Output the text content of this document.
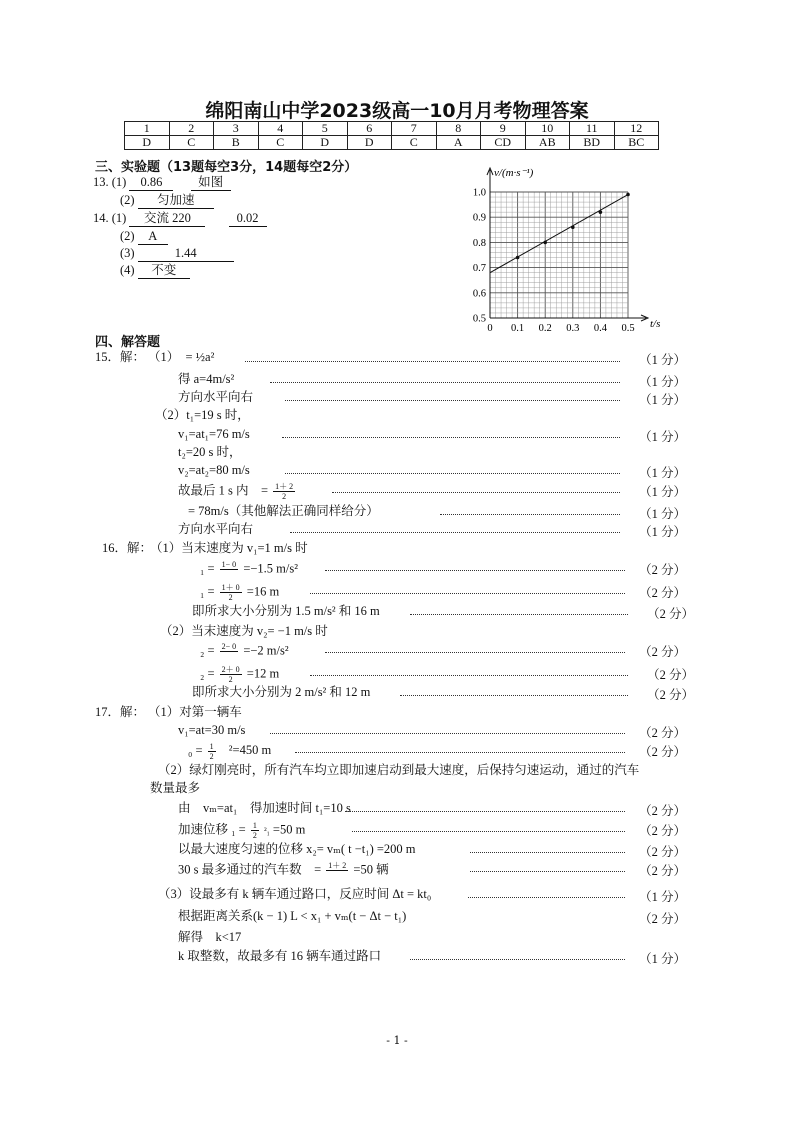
绵阳南山中学2023级高一10月月考物理答案
1	2	3	4	5	6	7	8	9	10	11	12
D	C	B	C	D	D	C	A	CD	AB	BD	BC
三、实验题（13题每空3分，14题每空2分）
13. (1) 0.86	如图
(2) 匀加速
14. (1) 交流 220	0.02
(2) A
(3)	1.44
(4) 不变
0 0.1 0.2 0.3 0.4 0.5
0.5
0.6
0.7
0.8
0.9
1.0
v/(m·s⁻¹)
t/s
四、解答题
15．解： （1）　= ½a²	（1 分）
得 a=4m/s²	（1 分）
方向水平向右	（1 分）
（2）t₁=19 s 时，
v₁=at₁=76 m/s	（1 分）
t₂=20 s 时，
v₂=at₂=80 m/s	（1 分）
故最后 1 s 内　= $\frac{1+ 2}{2}$	（1 分）
= 78m/s（其他解法正确同样给分）	（1 分）
方向水平向右	（1 分）
16．解：
（1）当末速度为 v₁=1 m/s 时
₁ = 1− 0
=−1.5 m/s²	（2 分）
$_1 = \frac{1+ 0}{2} =16$ m	（2 分）
即所求大小分别为 1.5 m/s² 和 16 m	（2 分）
（2）当末速度为 v₂= −1 m/s 时
₂ = 2− 0
=−2 m/s²	（2 分）
$_2 = \frac{2+ 0}{2} =12$ m	（2 分）
即所求大小分别为 2 m/s² 和 12 m	（2 分）
17．解： （1）对第一辆车
v₁=at=30 m/s	（2 分）
$_0 = \frac{1}{2} ^2=450$ m	（2 分）
（2）绿灯刚亮时，所有汽车均立即加速启动到最大速度，后保持匀速运动，通过的汽车
数量最多
由　vₘ=at₁　得加速时间 t₁=10 s	（2 分）
加速位移 $_1 = \frac{1}{2} ^2_1 =50$ m	（2 分）
以最大速度匀速的位移 x₂= vₘ( t −t₁) =200 m	（2 分）
30 s 最多通过的汽车数　= 1＋ 2
=50 辆	（2 分）
（3）设最多有 k 辆车通过路口，反应时间 Δt = kt₀	（1 分）
根据距离关系(k − 1) L < x₁ + vₘ(t − Δt − t₁)	（2 分）
解得　k<17
k 取整数，故最多有 16 辆车通过路口	（1 分）
- 1 -
